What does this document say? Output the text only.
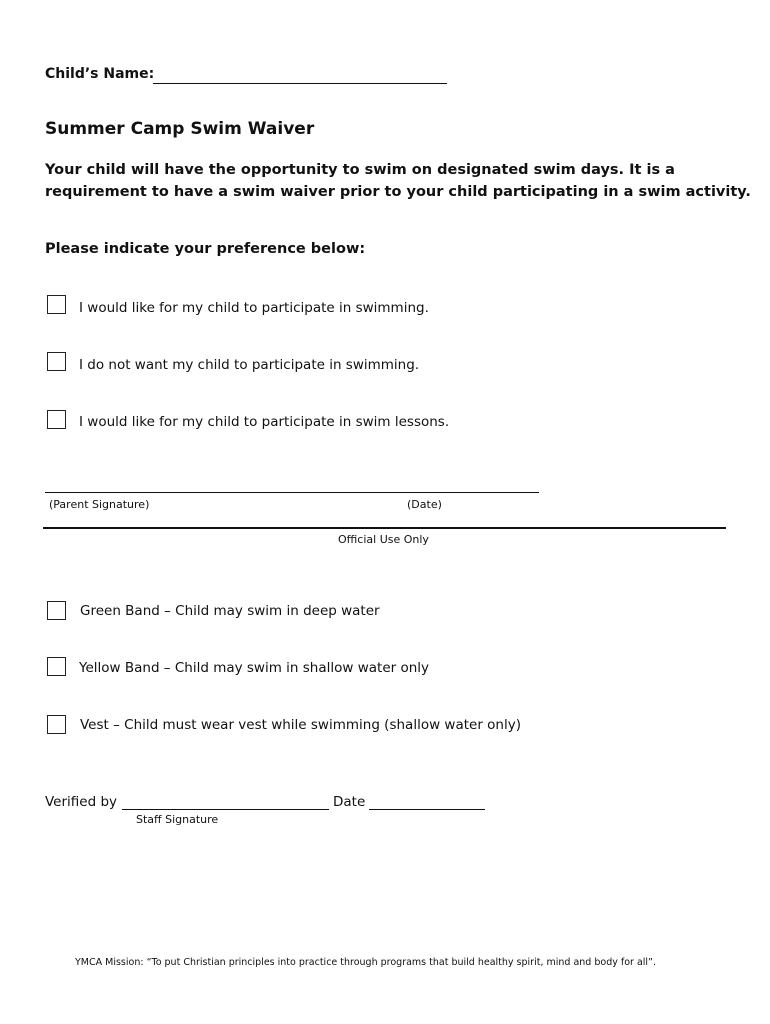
Child’s Name:
Summer Camp Swim Waiver
Your child will have the opportunity to swim on designated swim days. It is a
requirement to have a swim waiver prior to your child participating in a swim activity.
Please indicate your preference below:
I would like for my child to participate in swimming.
I do not want my child to participate in swimming.
I would like for my child to participate in swim lessons.
(Parent Signature)	(Date)
Official Use Only
Green Band – Child may swim in deep water
Yellow Band – Child may swim in shallow water only
Vest – Child must wear vest while swimming (shallow water only)
Verified by	Date
Staff Signature
YMCA Mission: “To put Christian principles into practice through programs that build healthy spirit, mind and body for all”.
